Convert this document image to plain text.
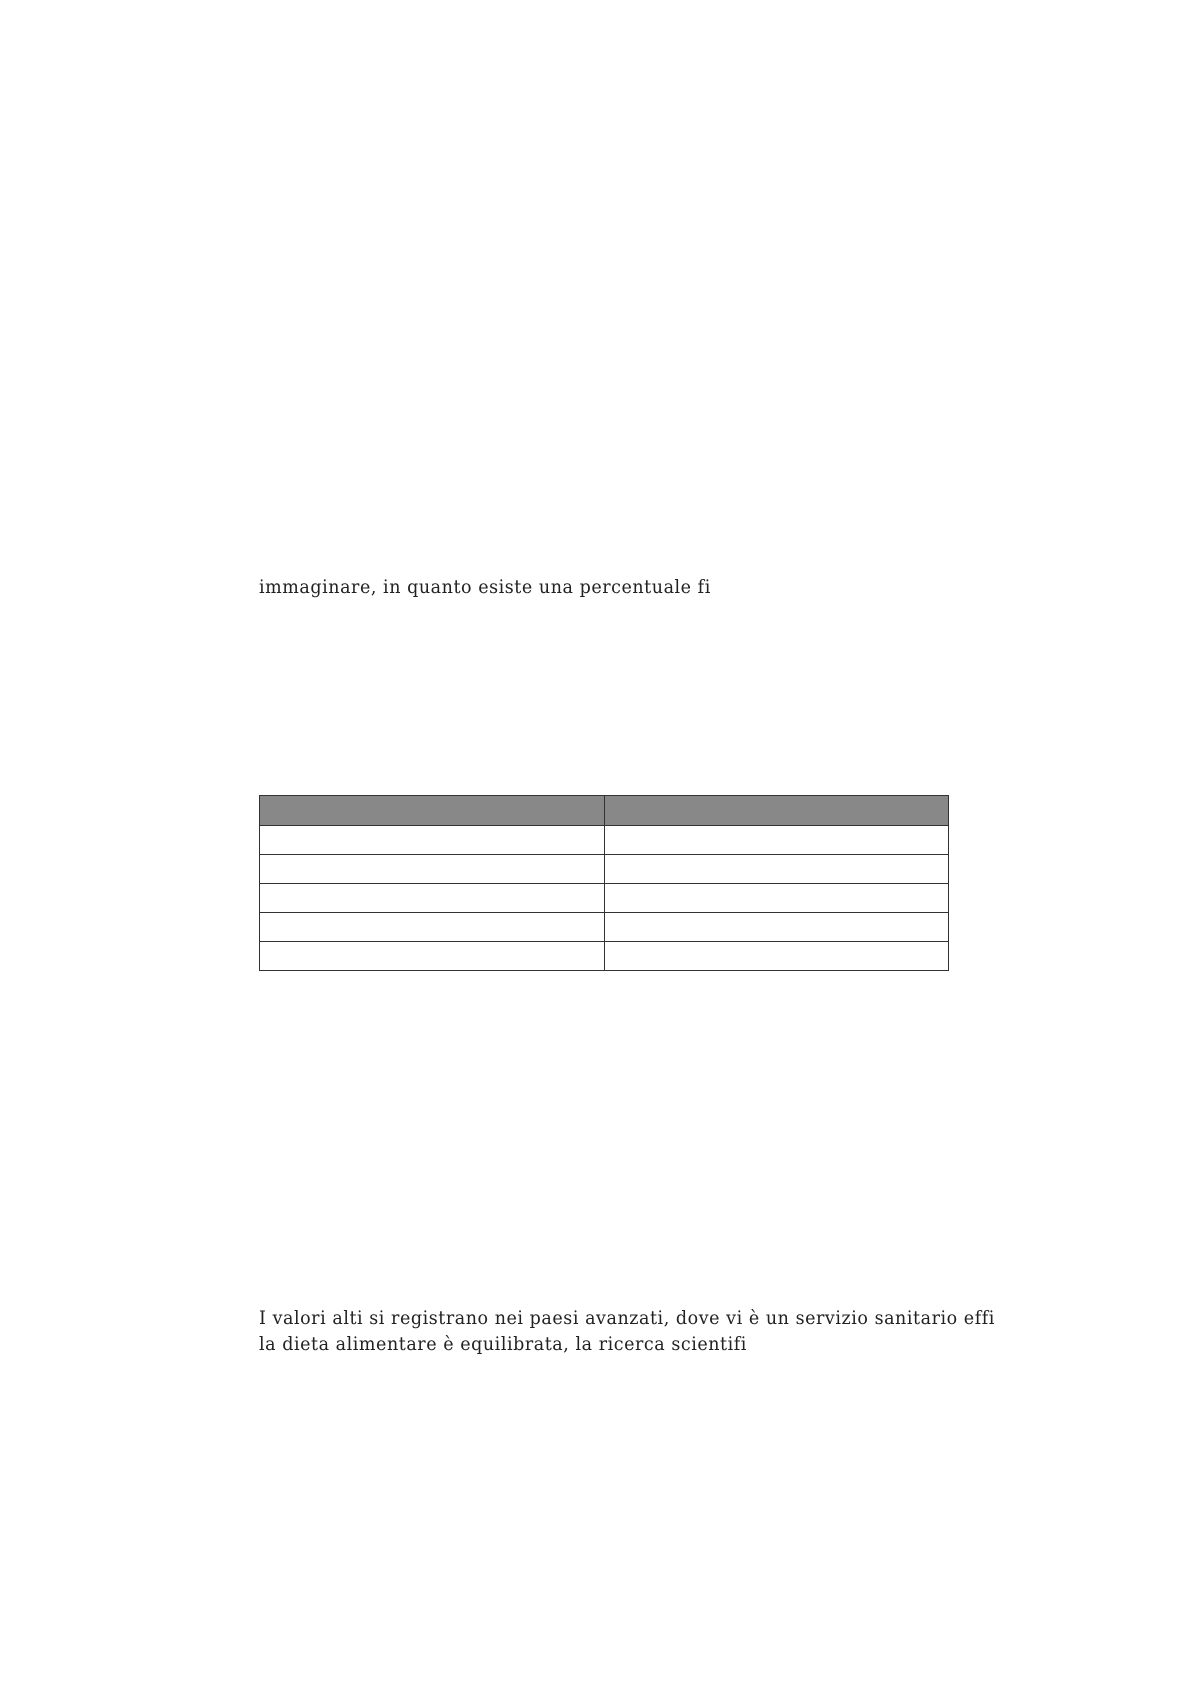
immaginare, in quanto esiste una percentuale fi

I valori alti si registrano nei paesi avanzati, dove vi è un servizio sanitario effi
la dieta alimentare è equilibrata, la ricerca scientifi
